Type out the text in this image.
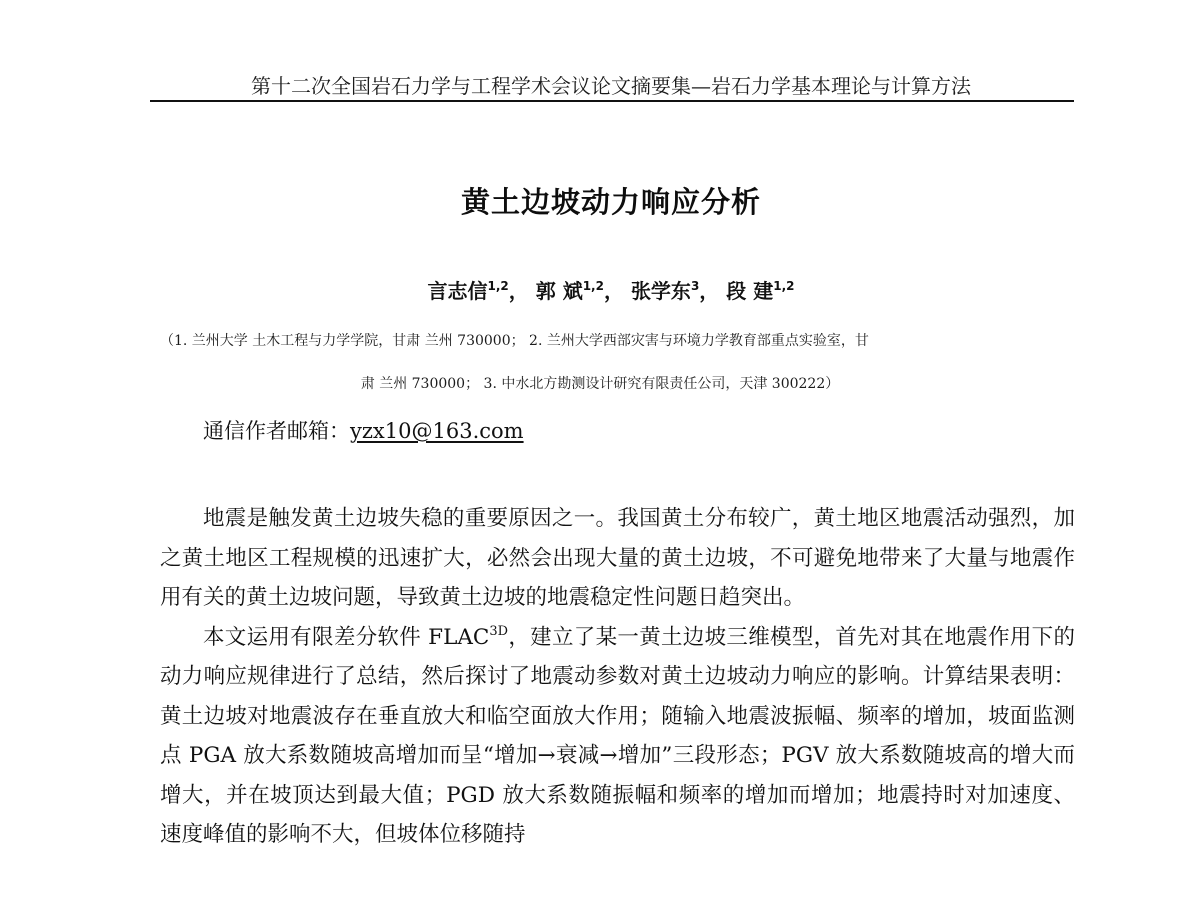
第十二次全国岩石力学与工程学术会议论文摘要集—岩石力学基本理论与计算方法
黄土边坡动力响应分析
言志信$^{1,2}$， 郭 斌$^{1,2}$， 张学东$^3$， 段 建$^{1,2}$
（1. 兰州大学 土木工程与力学学院，甘肃 兰州 730000； 2. 兰州大学西部灾害与环境力学教育部重点实验室，甘
肃 兰州 730000； 3. 中水北方勘测设计研究有限责任公司，天津 300222）
通信作者邮箱：yzx10@163.com

地震是触发黄土边坡失稳的重要原因之一。我国黄土分布较广，黄土地区地震活动强烈，加之黄土地区工程规模的迅速扩大，必然会出现大量的黄土边坡，不可避免地带来了大量与地震作用有关的黄土边坡问题，导致黄土边坡的地震稳定性问题日趋突出。

本文运用有限差分软件 $FLAC^{3D}$，建立了某一黄土边坡三维模型，首先对其在地震作用下的动力响应规律进行了总结，然后探讨了地震动参数对黄土边坡动力响应的影响。计算结果表明：黄土边坡对地震波存在垂直放大和临空面放大作用；随输入地震波振幅、频率的增加，坡面监测点 PGA 放大系数随坡高增加而呈“增加→衰减→增加”三段形态；PGV 放大系数随坡高的增大而增大，并在坡顶达到最大值；PGD 放大系数随振幅和频率的增加而增加；地震持时对加速度、速度峰值的影响不大，但坡体位移随持
